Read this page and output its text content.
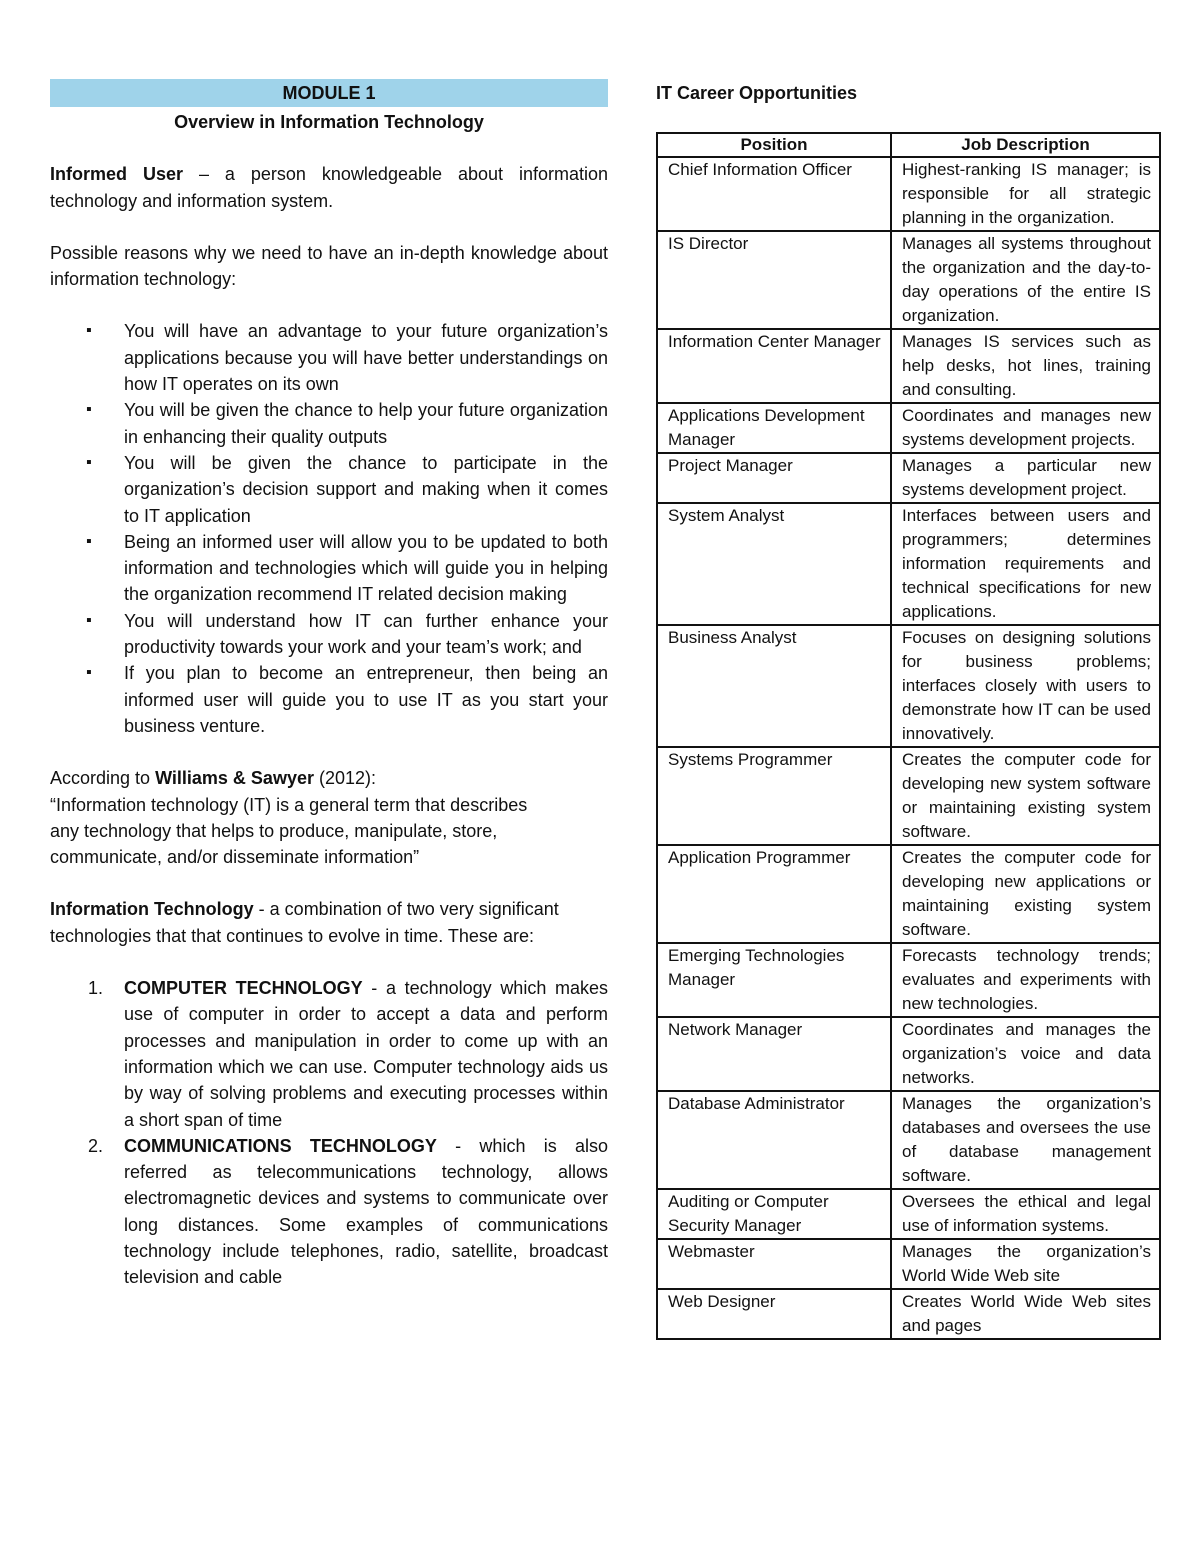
MODULE 1
Overview in Information Technology

Informed User – a person knowledgeable about information technology and information system.

Possible reasons why we need to have an in-depth knowledge about information technology:

▪ You will have an advantage to your future organization’s applications because you will have better understandings on how IT operates on its own
▪ You will be given the chance to help your future organization in enhancing their quality outputs
▪ You will be given the chance to participate in the organization’s decision support and making when it comes to IT application
▪ Being an informed user will allow you to be updated to both information and technologies which will guide you in helping the organization recommend IT related decision making
▪ You will understand how IT can further enhance your productivity towards your work and your team’s work; and
▪ If you plan to become an entrepreneur, then being an informed user will guide you to use IT as you start your business venture.

According to Williams & Sawyer (2012):

“Information technology (IT) is a general term that describes any technology that helps to produce, manipulate, store, communicate, and/or disseminate information”

Information Technology - a combination of two very significant technologies that that continues to evolve in time. These are:

1. COMPUTER TECHNOLOGY - a technology which makes use of computer in order to accept a data and perform processes and manipulation in order to come up with an information which we can use. Computer technology aids us by way of solving problems and executing processes within a short span of time
2. COMMUNICATIONS TECHNOLOGY - which is also referred as telecommunications technology, allows electromagnetic devices and systems to communicate over long distances. Some examples of communications technology include telephones, radio, satellite, broadcast television and cable
IT Career Opportunities
Position	Job Description
Chief Information Officer	Highest-ranking IS manager; is responsible for all strategic planning in the organization.
IS Director	Manages all systems throughout the organization and the day-to-day operations of the entire IS organization.
Information Center Manager	Manages IS services such as help desks, hot lines, training and consulting.
Applications Development Manager	Coordinates and manages new systems development projects.
Project Manager	Manages a particular new systems development project.
System Analyst	Interfaces between users and programmers; determines information requirements and technical specifications for new applications.
Business Analyst	Focuses on designing solutions for business problems; interfaces closely with users to demonstrate how IT can be used innovatively.
Systems Programmer	Creates the computer code for developing new system software or maintaining existing system software.
Application Programmer	Creates the computer code for developing new applications or maintaining existing system software.
Emerging Technologies Manager	Forecasts technology trends; evaluates and experiments with new technologies.
Network Manager	Coordinates and manages the organization’s voice and data networks.
Database Administrator	Manages the organization’s databases and oversees the use of database management software.
Auditing or Computer Security Manager	Oversees the ethical and legal use of information systems.
Webmaster	Manages the organization’s World Wide Web site
Web Designer	Creates World Wide Web sites and pages
